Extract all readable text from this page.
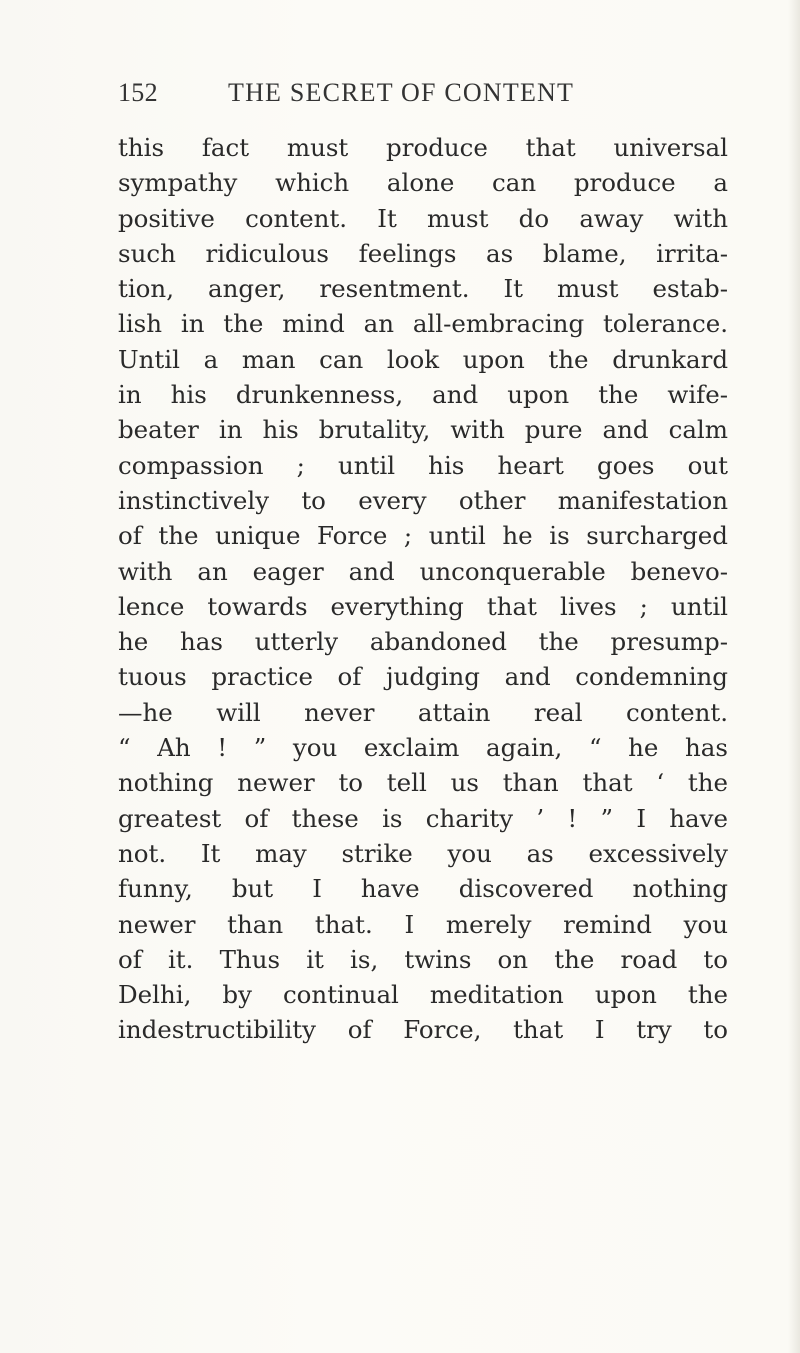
152	THE SECRET OF CONTENT
this fact must produce that universal
sympathy which alone can produce a
positive content. It must do away with
such ridiculous feelings as blame, irrita-
tion, anger, resentment. It must estab-
lish in the mind an all-embracing tolerance.
Until a man can look upon the drunkard
in his drunkenness, and upon the wife-
beater in his brutality, with pure and calm
compassion ; until his heart goes out
instinctively to every other manifestation
of the unique Force ; until he is surcharged
with an eager and unconquerable benevo-
lence towards everything that lives ; until
he has utterly abandoned the presump-
tuous practice of judging and condemning
—he will never attain real content.
“ Ah ! ” you exclaim again, “ he has
nothing newer to tell us than that ‘ the
greatest of these is charity ’ ! ” I have
not. It may strike you as excessively
funny, but I have discovered nothing
newer than that. I merely remind you
of it. Thus it is, twins on the road to
Delhi, by continual meditation upon the
indestructibility of Force, that I try to
